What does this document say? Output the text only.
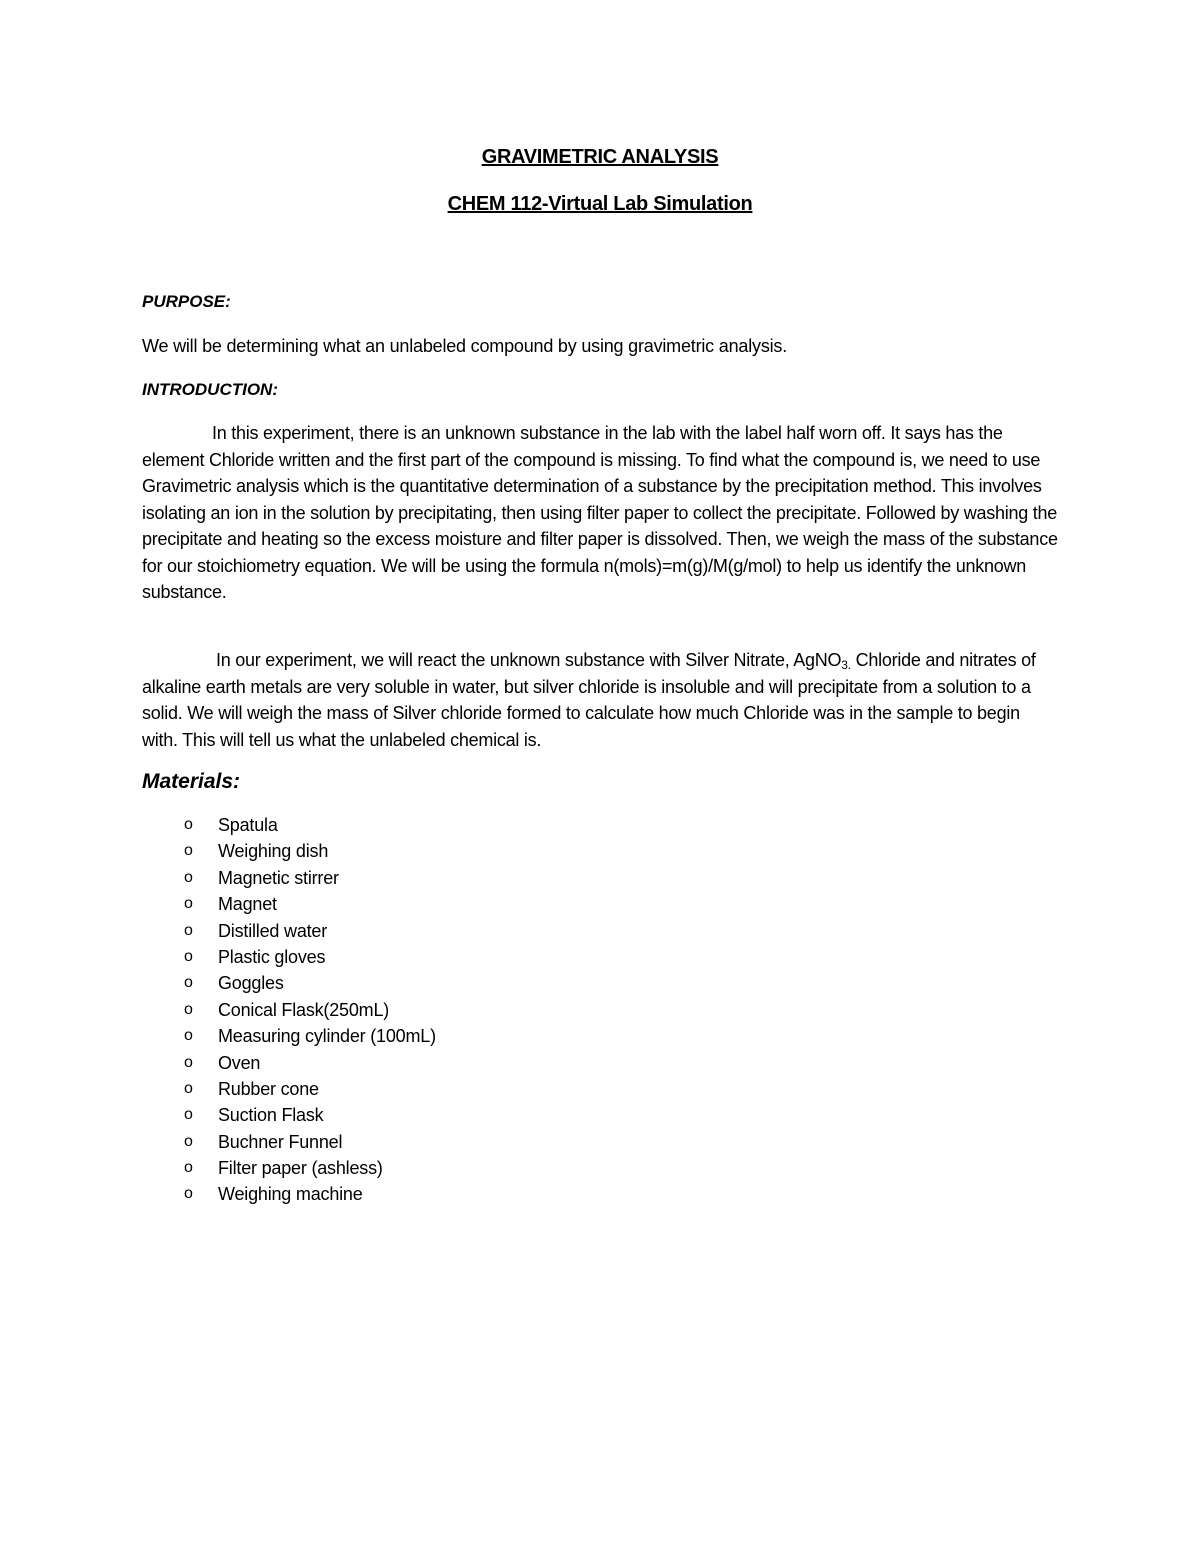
GRAVIMETRIC ANALYSIS
CHEM 112-Virtual Lab Simulation
PURPOSE:
We will be determining what an unlabeled compound by using gravimetric analysis.
INTRODUCTION:
In this experiment, there is an unknown substance in the lab with the label half worn off. It says has the element Chloride written and the first part of the compound is missing. To find what the compound is, we need to use Gravimetric analysis which is the quantitative determination of a substance by the precipitation method. This involves isolating an ion in the solution by precipitating, then using filter paper to collect the precipitate. Followed by washing the precipitate and heating so the excess moisture and filter paper is dissolved. Then, we weigh the mass of the substance for our stoichiometry equation. We will be using the formula n(mols)=m(g)/M(g/mol) to help us identify the unknown substance.
In our experiment, we will react the unknown substance with Silver Nitrate, AgNO$_{3.}$ Chloride and nitrates of alkaline earth metals are very soluble in water, but silver chloride is insoluble and will precipitate from a solution to a solid. We will weigh the mass of Silver chloride formed to calculate how much Chloride was in the sample to begin with. This will tell us what the unlabeled chemical is.
Materials:
o Spatula
o Weighing dish
o Magnetic stirrer
o Magnet
o Distilled water
o Plastic gloves
o Goggles
o Conical Flask(250mL)
o Measuring cylinder (100mL)
o Oven
o Rubber cone
o Suction Flask
o Buchner Funnel
o Filter paper (ashless)
o Weighing machine
